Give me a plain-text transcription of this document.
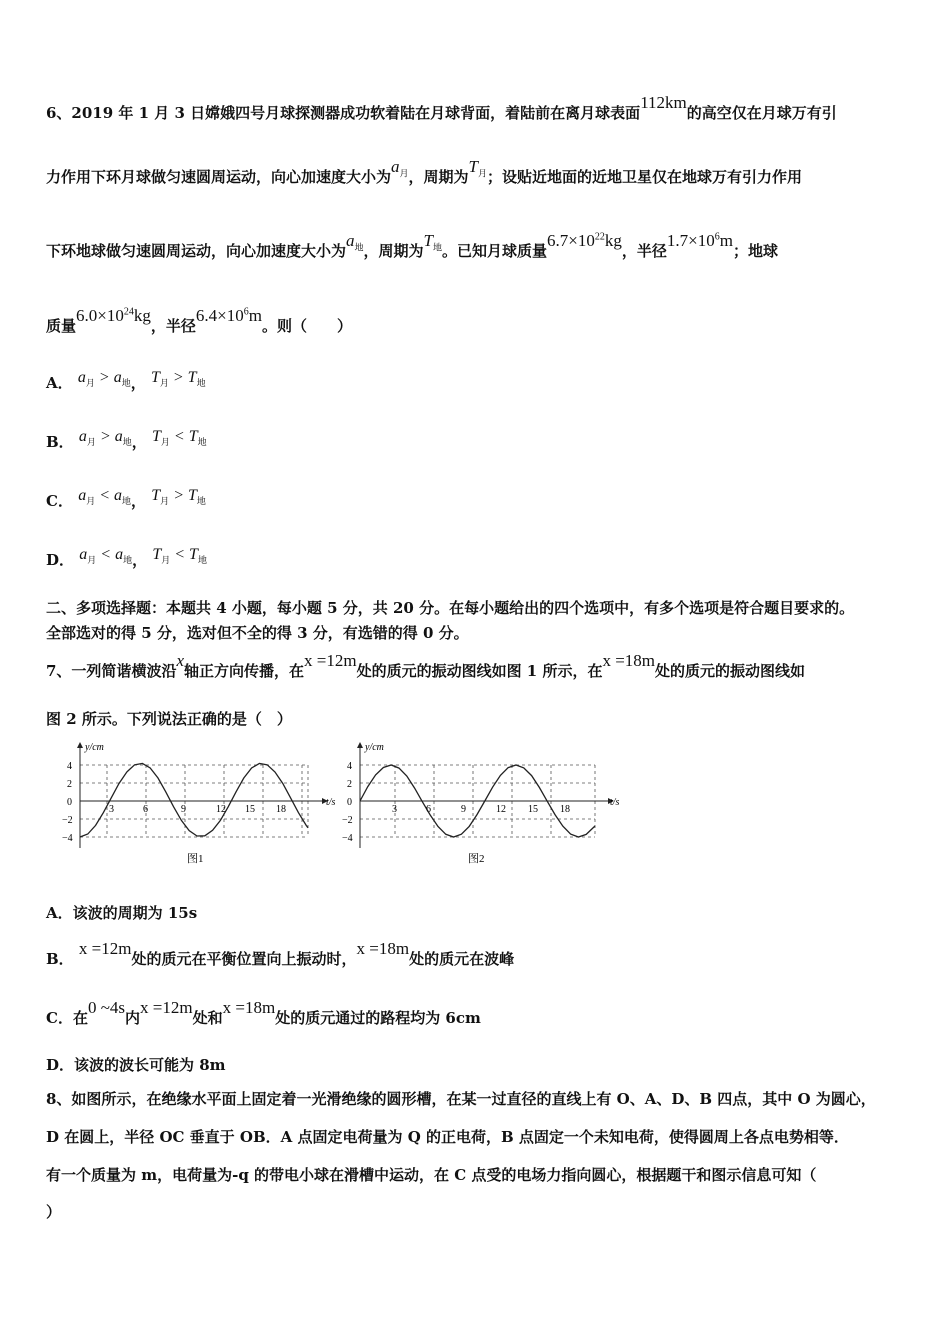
6、2019 年 1 月 3 日嫦娥四号月球探测器成功软着陆在月球背面，着陆前在离月球表面112km的高空仅在月球万有引
力作用下环月球做匀速圆周运动，向心加速度大小为$a_月$，周期为$T_月$；设贴近地面的近地卫星仅在地球万有引力作用
下环地球做匀速圆周运动，向心加速度大小为$a_地$，周期为$T_地$。已知月球质量$6.7\times 10^{22}kg$，半径$1.7\times 10^6m$；地球
质量$6.0\times 10^{24}kg$，半径$6.4\times 10^6m$。则（　　）
A． $a_月 > a_地$， $T_月 > T_地$
B． $a_月 > a_地$， $T_月 < T_地$
C． $a_月 < a_地$， $T_月 > T_地$
D． $a_月 < a_地$， $T_月 < T_地$
二、多项选择题：本题共 4 小题，每小题 5 分，共 20 分。在每小题给出的四个选项中，有多个选项是符合题目要求的。
全部选对的得 5 分，选对但不全的得 3 分，有选错的得 0 分。
7、一列简谐横波沿x轴正方向传播，在x =12m处的质元的振动图线如图 1 所示，在x =18m处的质元的振动图线如
图 2 所示。下列说法正确的是（　）
y/cm
t/s
4
2
0
−2
−4
3	6	9	12 15 18
图1
y/cm
t/s
4
2
0
−2
−4
3	6	9	12 15 18
图2
A．该波的周期为 15s
B． x =12m处的质元在平衡位置向上振动时，x =18m处的质元在波峰
C．在0 ~4s内x =12m处和x =18m处的质元通过的路程均为 6cm
D．该波的波长可能为 8m
8、如图所示，在绝缘水平面上固定着一光滑绝缘的圆形槽，在某一过直径的直线上有 O、A、D、B 四点，其中 O 为圆心，
D 在圆上，半径 OC 垂直于 OB．A 点固定电荷量为 Q 的正电荷，B 点固定一个未知电荷，使得圆周上各点电势相等．
有一个质量为 m，电荷量为-q 的带电小球在滑槽中运动，在 C 点受的电场力指向圆心，根据题干和图示信息可知（
）
